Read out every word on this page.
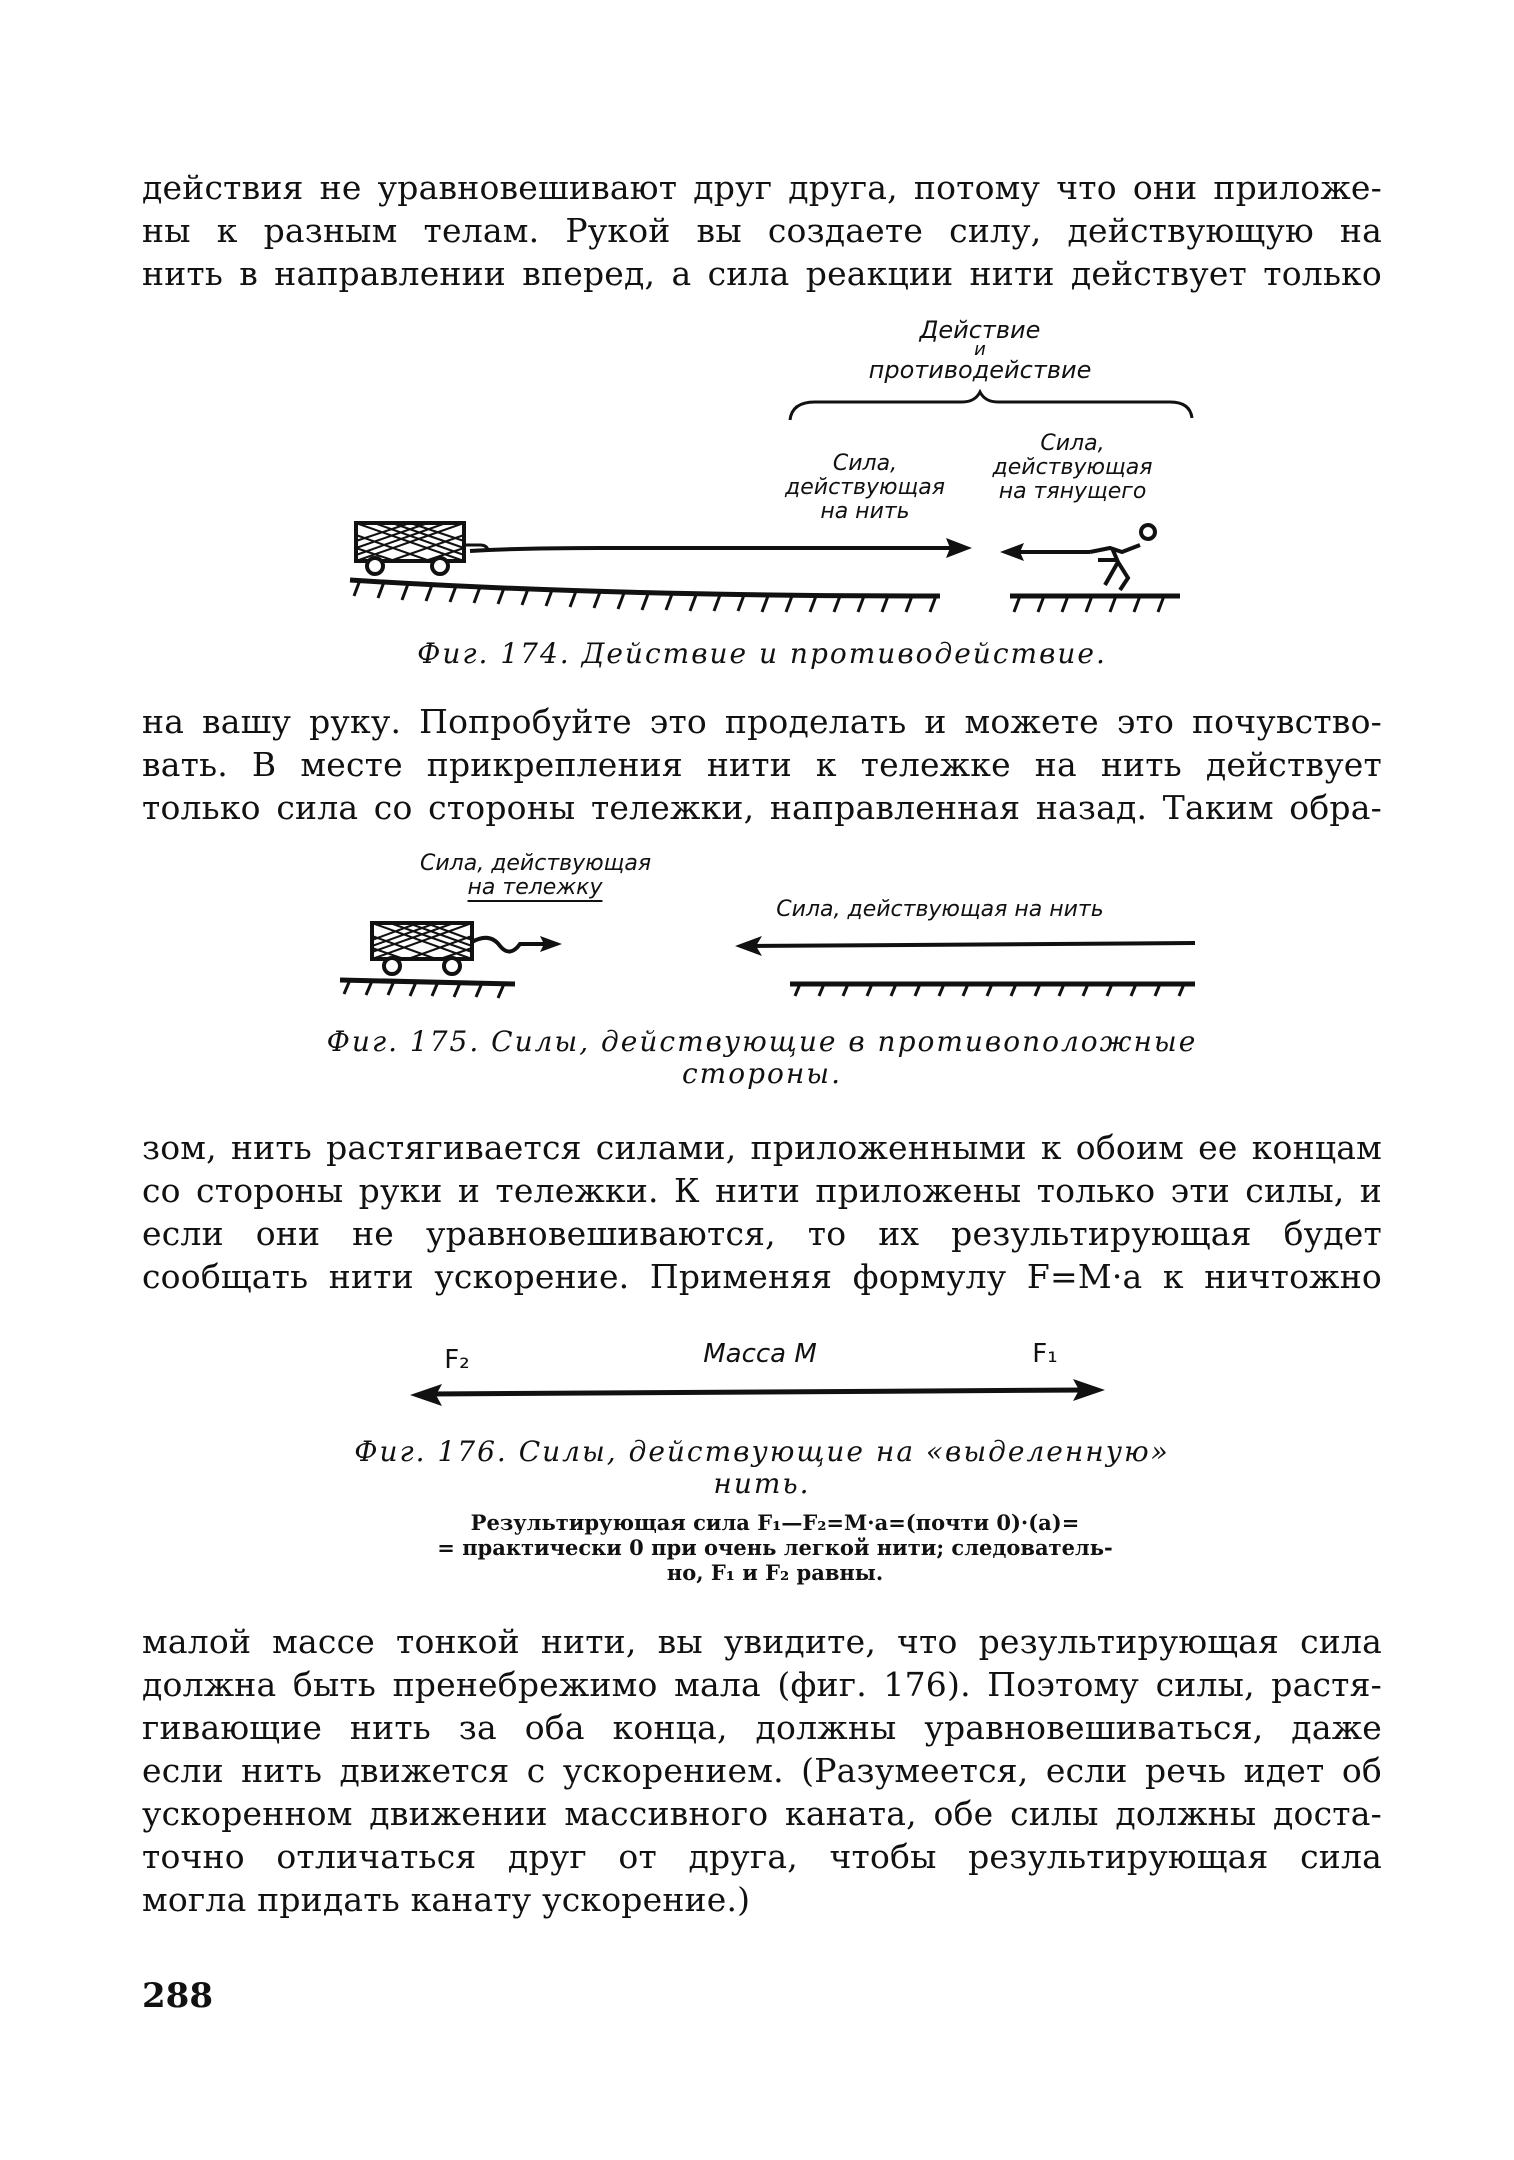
действия не уравновешивают друг друга, потому что они приложе-
ны к разным телам. Рукой вы создаете силу, действующую на
нить в направлении вперед, а сила реакции нити действует только
Действие
и
противодействие
Сила,
действующая
на нить
Сила,
действующая
на тянущего
Фиг. 174. Действие и противодействие.
на вашу руку. Попробуйте это проделать и можете это почувство-
вать. В месте прикрепления нити к тележке на нить действует
только сила со стороны тележки, направленная назад. Таким обра-
Сила, действующая
на тележку
Сила, действующая на нить
Фиг. 175. Силы, действующие в противоположные
стороны.
зом, нить растягивается силами, приложенными к обоим ее концам
со стороны руки и тележки. К нити приложены только эти силы, и
если они не уравновешиваются, то их результирующая будет
сообщать нити ускорение. Применяя формулу F=M·a к ничтожно
F₂	Масса M	F₁
Фиг. 176. Силы, действующие на «выделенную»
нить.
Результирующая сила F₁—F₂=M·a=(почти 0)·(a)=
= практически 0 при очень легкой нити; следователь-
но, F₁ и F₂ равны.
малой массе тонкой нити, вы увидите, что результирующая сила
должна быть пренебрежимо мала (фиг. 176). Поэтому силы, растя-
гивающие нить за оба конца, должны уравновешиваться, даже
если нить движется с ускорением. (Разумеется, если речь идет об
ускоренном движении массивного каната, обе силы должны доста-
точно отличаться друг от друга, чтобы результирующая сила
могла придать канату ускорение.)
288
